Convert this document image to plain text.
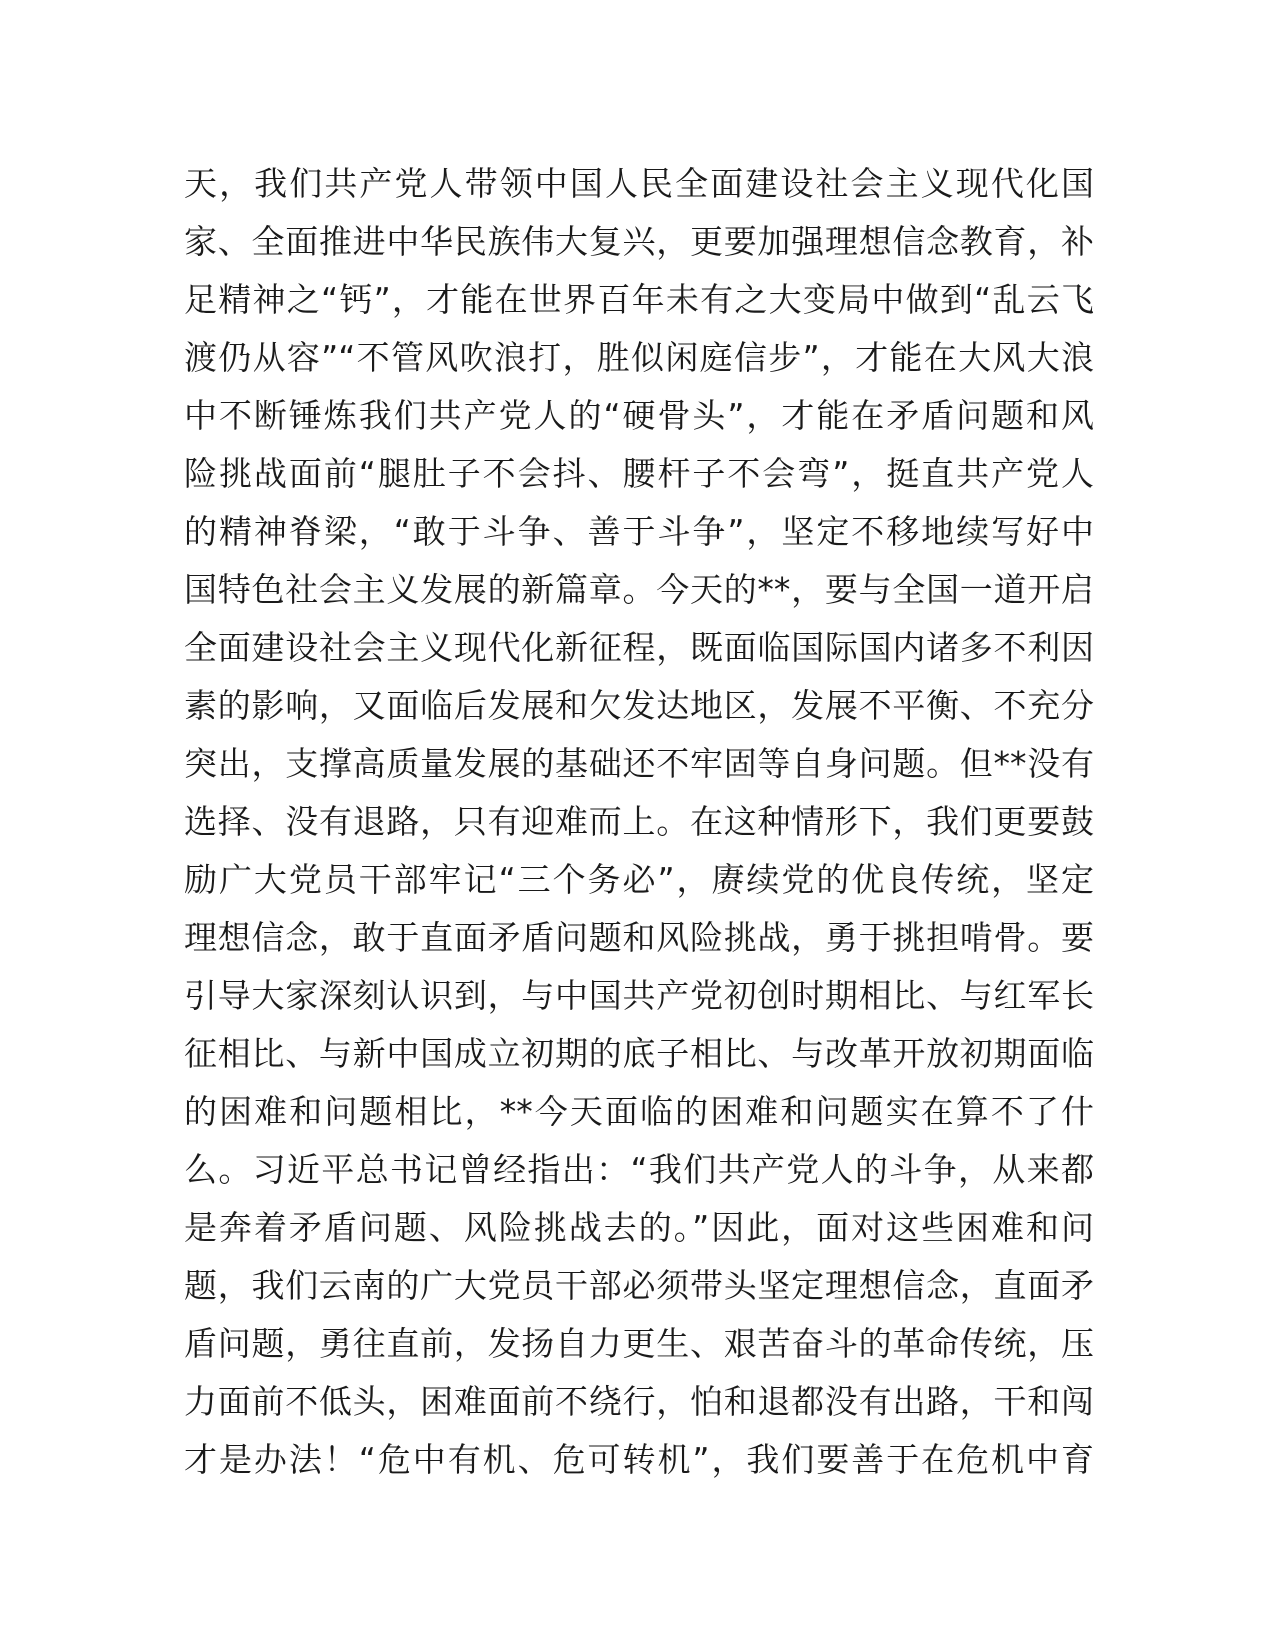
天，我们共产党人带领中国人民全面建设社会主义现代化国
家、全面推进中华民族伟大复兴，更要加强理想信念教育，补
足精神之“钙”，才能在世界百年未有之大变局中做到“乱云飞
渡仍从容”“不管风吹浪打，胜似闲庭信步”，才能在大风大浪
中不断锤炼我们共产党人的“硬骨头”，才能在矛盾问题和风
险挑战面前“腿肚子不会抖、腰杆子不会弯”，挺直共产党人
的精神脊梁，“敢于斗争、善于斗争”，坚定不移地续写好中
国特色社会主义发展的新篇章。今天的**，要与全国一道开启
全面建设社会主义现代化新征程，既面临国际国内诸多不利因
素的影响，又面临后发展和欠发达地区，发展不平衡、不充分
突出，支撑高质量发展的基础还不牢固等自身问题。但**没有
选择、没有退路，只有迎难而上。在这种情形下，我们更要鼓
励广大党员干部牢记“三个务必”，赓续党的优良传统，坚定
理想信念，敢于直面矛盾问题和风险挑战，勇于挑担啃骨。要
引导大家深刻认识到，与中国共产党初创时期相比、与红军长
征相比、与新中国成立初期的底子相比、与改革开放初期面临
的困难和问题相比，**今天面临的困难和问题实在算不了什
么。习近平总书记曾经指出：“我们共产党人的斗争，从来都
是奔着矛盾问题、风险挑战去的。”因此，面对这些困难和问
题，我们云南的广大党员干部必须带头坚定理想信念，直面矛
盾问题，勇往直前，发扬自力更生、艰苦奋斗的革命传统，压
力面前不低头，困难面前不绕行，怕和退都没有出路，干和闯
才是办法！“危中有机、危可转机”，我们要善于在危机中育
